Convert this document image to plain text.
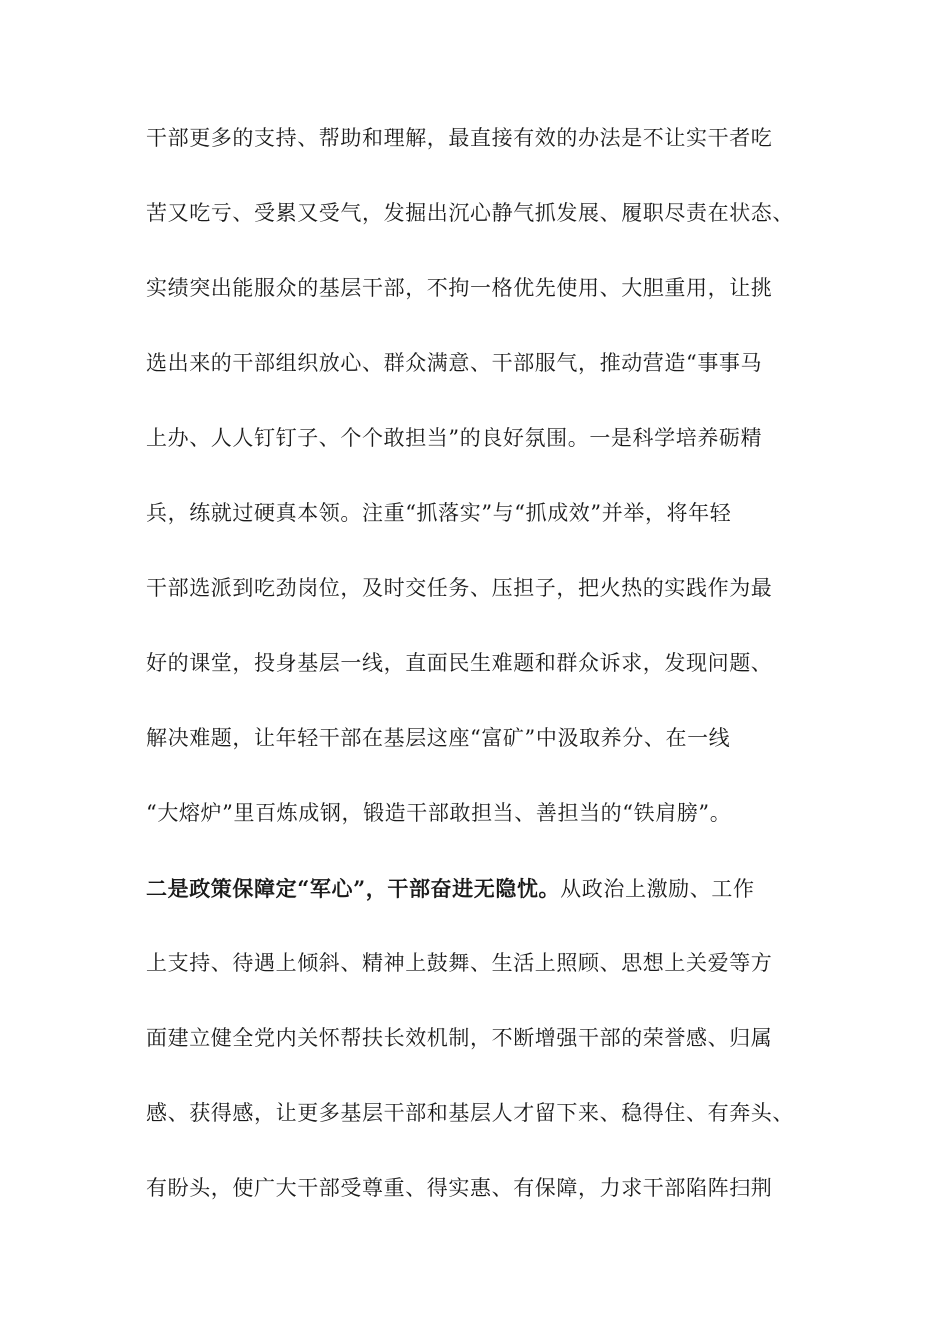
干部更多的支持、帮助和理解，最直接有效的办法是不让实干者吃
苦又吃亏、受累又受气，发掘出沉心静气抓发展、履职尽责在状态、
实绩突出能服众的基层干部，不拘一格优先使用、大胆重用，让挑
选出来的干部组织放心、群众满意、干部服气，推动营造“事事马
上办、人人钉钉子、个个敢担当”的良好氛围。一是科学培养砺精
兵，练就过硬真本领。注重“抓落实”与“抓成效”并举，将年轻
干部选派到吃劲岗位，及时交任务、压担子，把火热的实践作为最
好的课堂，投身基层一线，直面民生难题和群众诉求，发现问题、
解决难题，让年轻干部在基层这座“富矿”中汲取养分、在一线
“大熔炉”里百炼成钢，锻造干部敢担当、善担当的“铁肩膀”。
二是政策保障定“军心”，干部奋进无隐忧。从政治上激励、工作
上支持、待遇上倾斜、精神上鼓舞、生活上照顾、思想上关爱等方
面建立健全党内关怀帮扶长效机制，不断增强干部的荣誉感、归属
感、获得感，让更多基层干部和基层人才留下来、稳得住、有奔头、
有盼头，使广大干部受尊重、得实惠、有保障，力求干部陷阵扫荆
